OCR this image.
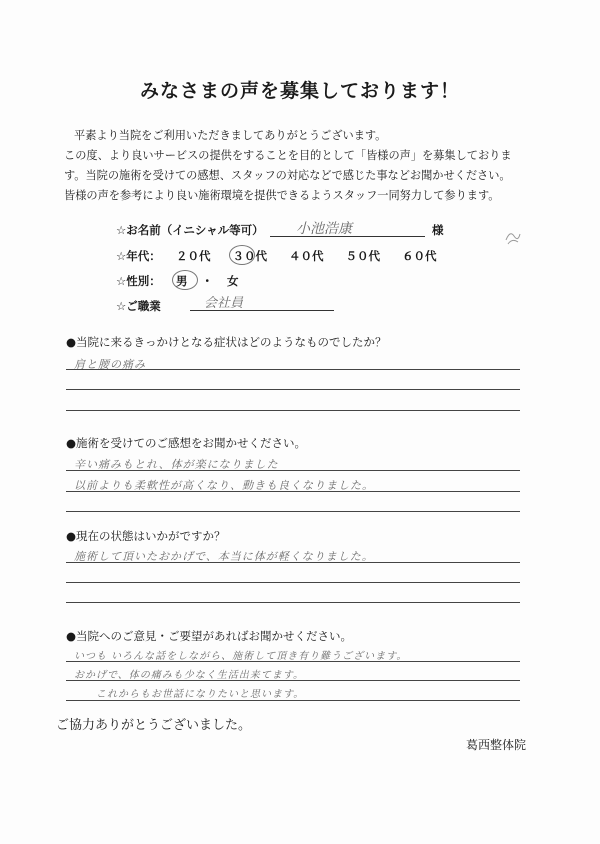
みなさまの声を募集しております！
平素より当院をご利用いただきましてありがとうございます。
この度、より良いサービスの提供をすることを目的として「皆様の声」を募集しておりま
す。当院の施術を受けての感想、スタッフの対応などで感じた事などお聞かせください。
皆様の声を参考により良い施術環境を提供できるようスタッフ一同努力して参ります。
☆お名前（イニシャル等可） 小池浩康	様
☆年代： ２０代 ３０代 ４０代 ５０代 ６０代
☆性別： 男 ・ 女
☆ご職業	会社員
●当院に来るきっかけとなる症状はどのようなものでしたか？
肩と腰の痛み
●施術を受けてのご感想をお聞かせください。
辛い痛みもとれ、体が楽になりました
以前よりも柔軟性が高くなり、動きも良くなりました。
●現在の状態はいかがですか？
施術して頂いたおかげで、本当に体が軽くなりました。
●当院へのご意見・ご要望があればお聞かせください。
いつも いろんな話をしながら、施術して頂き有り難うございます。
おかげで、体の痛みも少なく生活出来てます。
これからもお世話になりたいと思います。
ご協力ありがとうございました。
葛西整体院
